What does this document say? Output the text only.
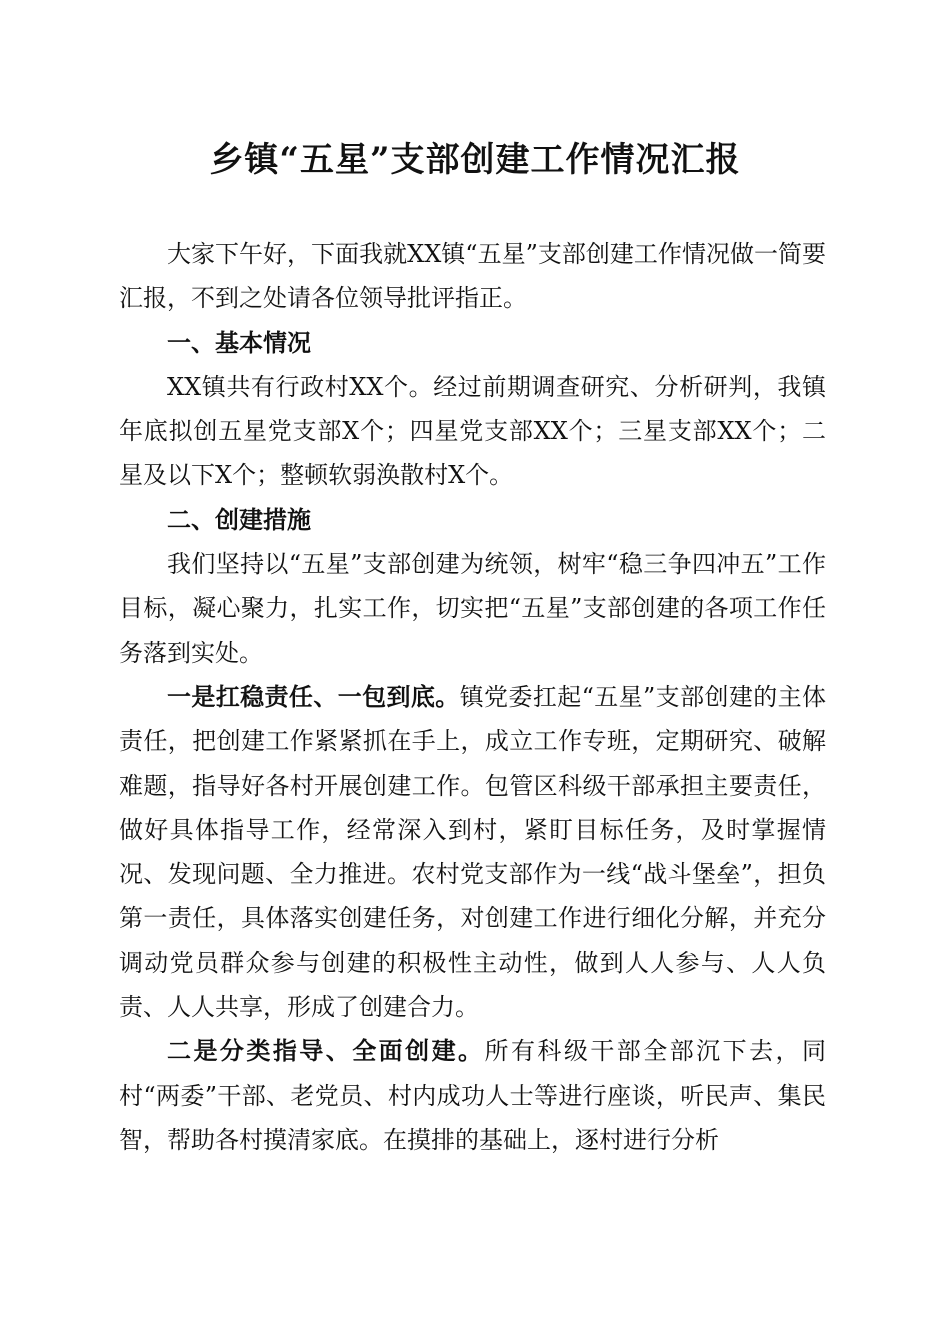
乡镇“五星”支部创建工作情况汇报

大家下午好，下面我就XX镇“五星”支部创建工作情况做一简要汇报，不到之处请各位领导批评指正。

一、基本情况

XX镇共有行政村XX个。经过前期调查研究、分析研判，我镇年底拟创五星党支部X个；四星党支部XX个；三星支部XX个；二星及以下X个；整顿软弱涣散村X个。

二、创建措施

我们坚持以“五星”支部创建为统领，树牢“稳三争四冲五”工作目标，凝心聚力，扎实工作，切实把“五星”支部创建的各项工作任务落到实处。

一是扛稳责任、一包到底。镇党委扛起“五星”支部创建的主体责任，把创建工作紧紧抓在手上，成立工作专班，定期研究、破解难题，指导好各村开展创建工作。包管区科级干部承担主要责任，做好具体指导工作，经常深入到村，紧盯目标任务，及时掌握情况、发现问题、全力推进。农村党支部作为一线“战斗堡垒”，担负第一责任，具体落实创建任务，对创建工作进行细化分解，并充分调动党员群众参与创建的积极性主动性，做到人人参与、人人负责、人人共享，形成了创建合力。

二是分类指导、全面创建。所有科级干部全部沉下去，同村“两委”干部、老党员、村内成功人士等进行座谈，听民声、集民智，帮助各村摸清家底。在摸排的基础上，逐村进行分析
